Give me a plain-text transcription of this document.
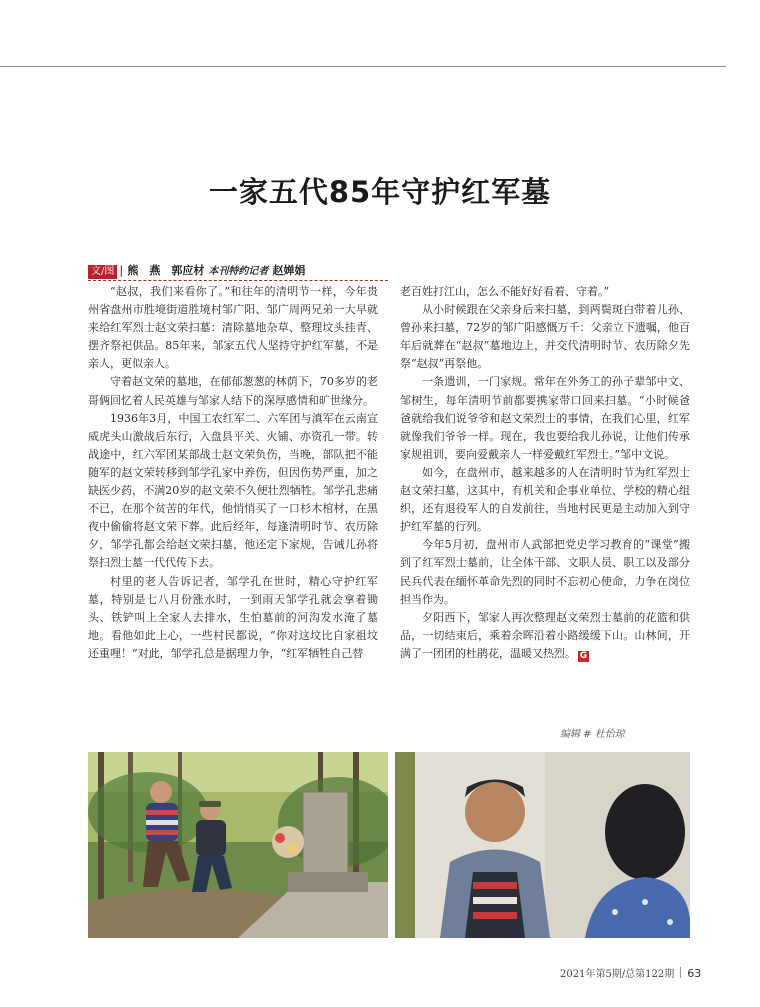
一家五代85年守护红军墓
文/图 | 熊　燕　郭应材 本刊特约记者 赵婵娟

“赵叔，我们来看你了。”和往年的清明节一样，今年贵州省盘州市胜境街道胜境村邹广阳、邹广周两兄弟一大早就来给红军烈士赵文荣扫墓：清除墓地杂草、整理坟头挂青、摆齐祭祀供品。85年来，邹家五代人坚持守护红军墓，不是亲人，更似亲人。

守着赵文荣的墓地，在郁郁葱葱的林荫下，70多岁的老哥俩回忆着人民英雄与邹家人结下的深厚感情和旷世缘分。

1936年3月，中国工农红军二、六军团与滇军在云南宣威虎头山激战后东行，入盘县平关、火铺、亦资孔一带。转战途中，红六军团某部战士赵文荣负伤，当晚，部队把不能随军的赵文荣转移到邹学孔家中养伤，但因伤势严重，加之缺医少药，不满20岁的赵文荣不久便壮烈牺牲。邹学孔悲痛不已，在那个贫苦的年代，他悄悄买了一口杉木棺材，在黑夜中偷偷将赵文荣下葬。此后经年，每逢清明时节、农历除夕，邹学孔都会给赵文荣扫墓，他还定下家规，告诫儿孙将祭扫烈士墓一代代传下去。

村里的老人告诉记者，邹学孔在世时，精心守护红军墓，特别是七八月份涨水时，一到雨天邹学孔就会拿着锄头、铁铲叫上全家人去排水，生怕墓前的河沟发水淹了墓地。看他如此上心，一些村民都说，“你对这坟比自家祖坟还重哩！”对此，邹学孔总是据理力争，“红军牺牲自己替

老百姓打江山，怎么不能好好看着、守着。”

从小时候跟在父亲身后来扫墓，到两鬓斑白带着儿孙、曾孙来扫墓，72岁的邹广阳感慨万千：父亲立下遗嘱，他百年后就葬在“赵叔”墓地边上，并交代清明时节、农历除夕先祭“赵叔”再祭他。

一条遗训，一门家规。常年在外务工的孙子辈邹中文、邹树生，每年清明节前都要携家带口回来扫墓。“小时候爸爸就给我们说爷爷和赵文荣烈士的事情，在我们心里，红军就像我们爷爷一样。现在，我也要给我儿孙说，让他们传承家规祖训，要向爱戴亲人一样爱戴红军烈士。”邹中文说。

如今，在盘州市，越来越多的人在清明时节为红军烈士赵文荣扫墓，这其中，有机关和企事业单位、学校的精心组织，还有退役军人的自发前往，当地村民更是主动加入到守护红军墓的行列。

今年5月初，盘州市人武部把党史学习教育的“课堂”搬到了红军烈士墓前，让全体干部、文职人员、职工以及部分民兵代表在缅怀革命先烈的同时不忘初心使命，力争在岗位担当作为。

夕阳西下，邹家人再次整理赵文荣烈士墓前的花篮和供品，一切结束后，乘着余晖沿着小路缓缓下山。山林间，开满了一团团的杜鹃花，温暖又热烈。 G

编辑 # 杜怡琼
2021年第5期/总第122期 63
